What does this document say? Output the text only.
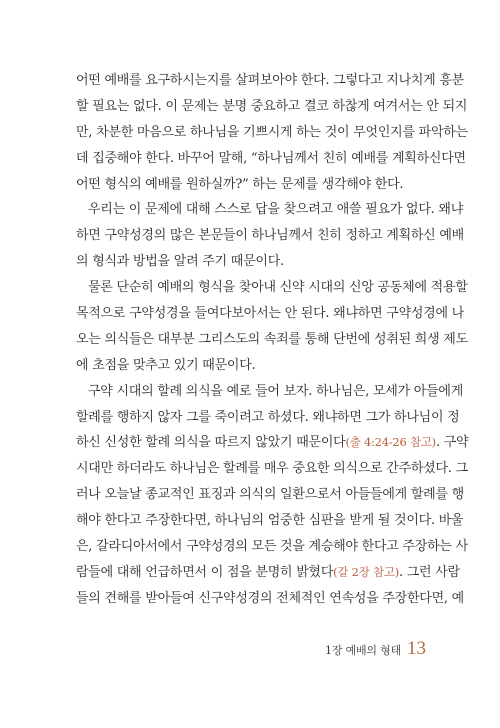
어떤 예배를 요구하시는지를 살펴보아야 한다. 그렇다고 지나치게 흥분
할 필요는 없다. 이 문제는 분명 중요하고 결코 하찮게 여겨서는 안 되지
만, 차분한 마음으로 하나님을 기쁘시게 하는 것이 무엇인지를 파악하는
데 집중해야 한다. 바꾸어 말해, “하나님께서 친히 예배를 계획하신다면
어떤 형식의 예배를 원하실까?” 하는 문제를 생각해야 한다.

우리는 이 문제에 대해 스스로 답을 찾으려고 애쓸 필요가 없다. 왜냐
하면 구약성경의 많은 본문들이 하나님께서 친히 정하고 계획하신 예배
의 형식과 방법을 알려 주기 때문이다.

물론 단순히 예배의 형식을 찾아내 신약 시대의 신앙 공동체에 적용할
목적으로 구약성경을 들여다보아서는 안 된다. 왜냐하면 구약성경에 나
오는 의식들은 대부분 그리스도의 속죄를 통해 단번에 성취된 희생 제도
에 초점을 맞추고 있기 때문이다.

구약 시대의 할례 의식을 예로 들어 보자. 하나님은, 모세가 아들에게
할례를 행하지 않자 그를 죽이려고 하셨다. 왜냐하면 그가 하나님이 정
하신 신성한 할례 의식을 따르지 않았기 때문이다(출 4:24-26 참고). 구약
시대만 하더라도 하나님은 할례를 매우 중요한 의식으로 간주하셨다. 그
러나 오늘날 종교적인 표징과 의식의 일환으로서 아들들에게 할례를 행
해야 한다고 주장한다면, 하나님의 엄중한 심판을 받게 될 것이다. 바울
은, 갈라디아서에서 구약성경의 모든 것을 계승해야 한다고 주장하는 사
람들에 대해 언급하면서 이 점을 분명히 밝혔다(갈 2장 참고). 그런 사람
들의 견해를 받아들여 신구약성경의 전체적인 연속성을 주장한다면, 예

1장 예배의 형태 13
